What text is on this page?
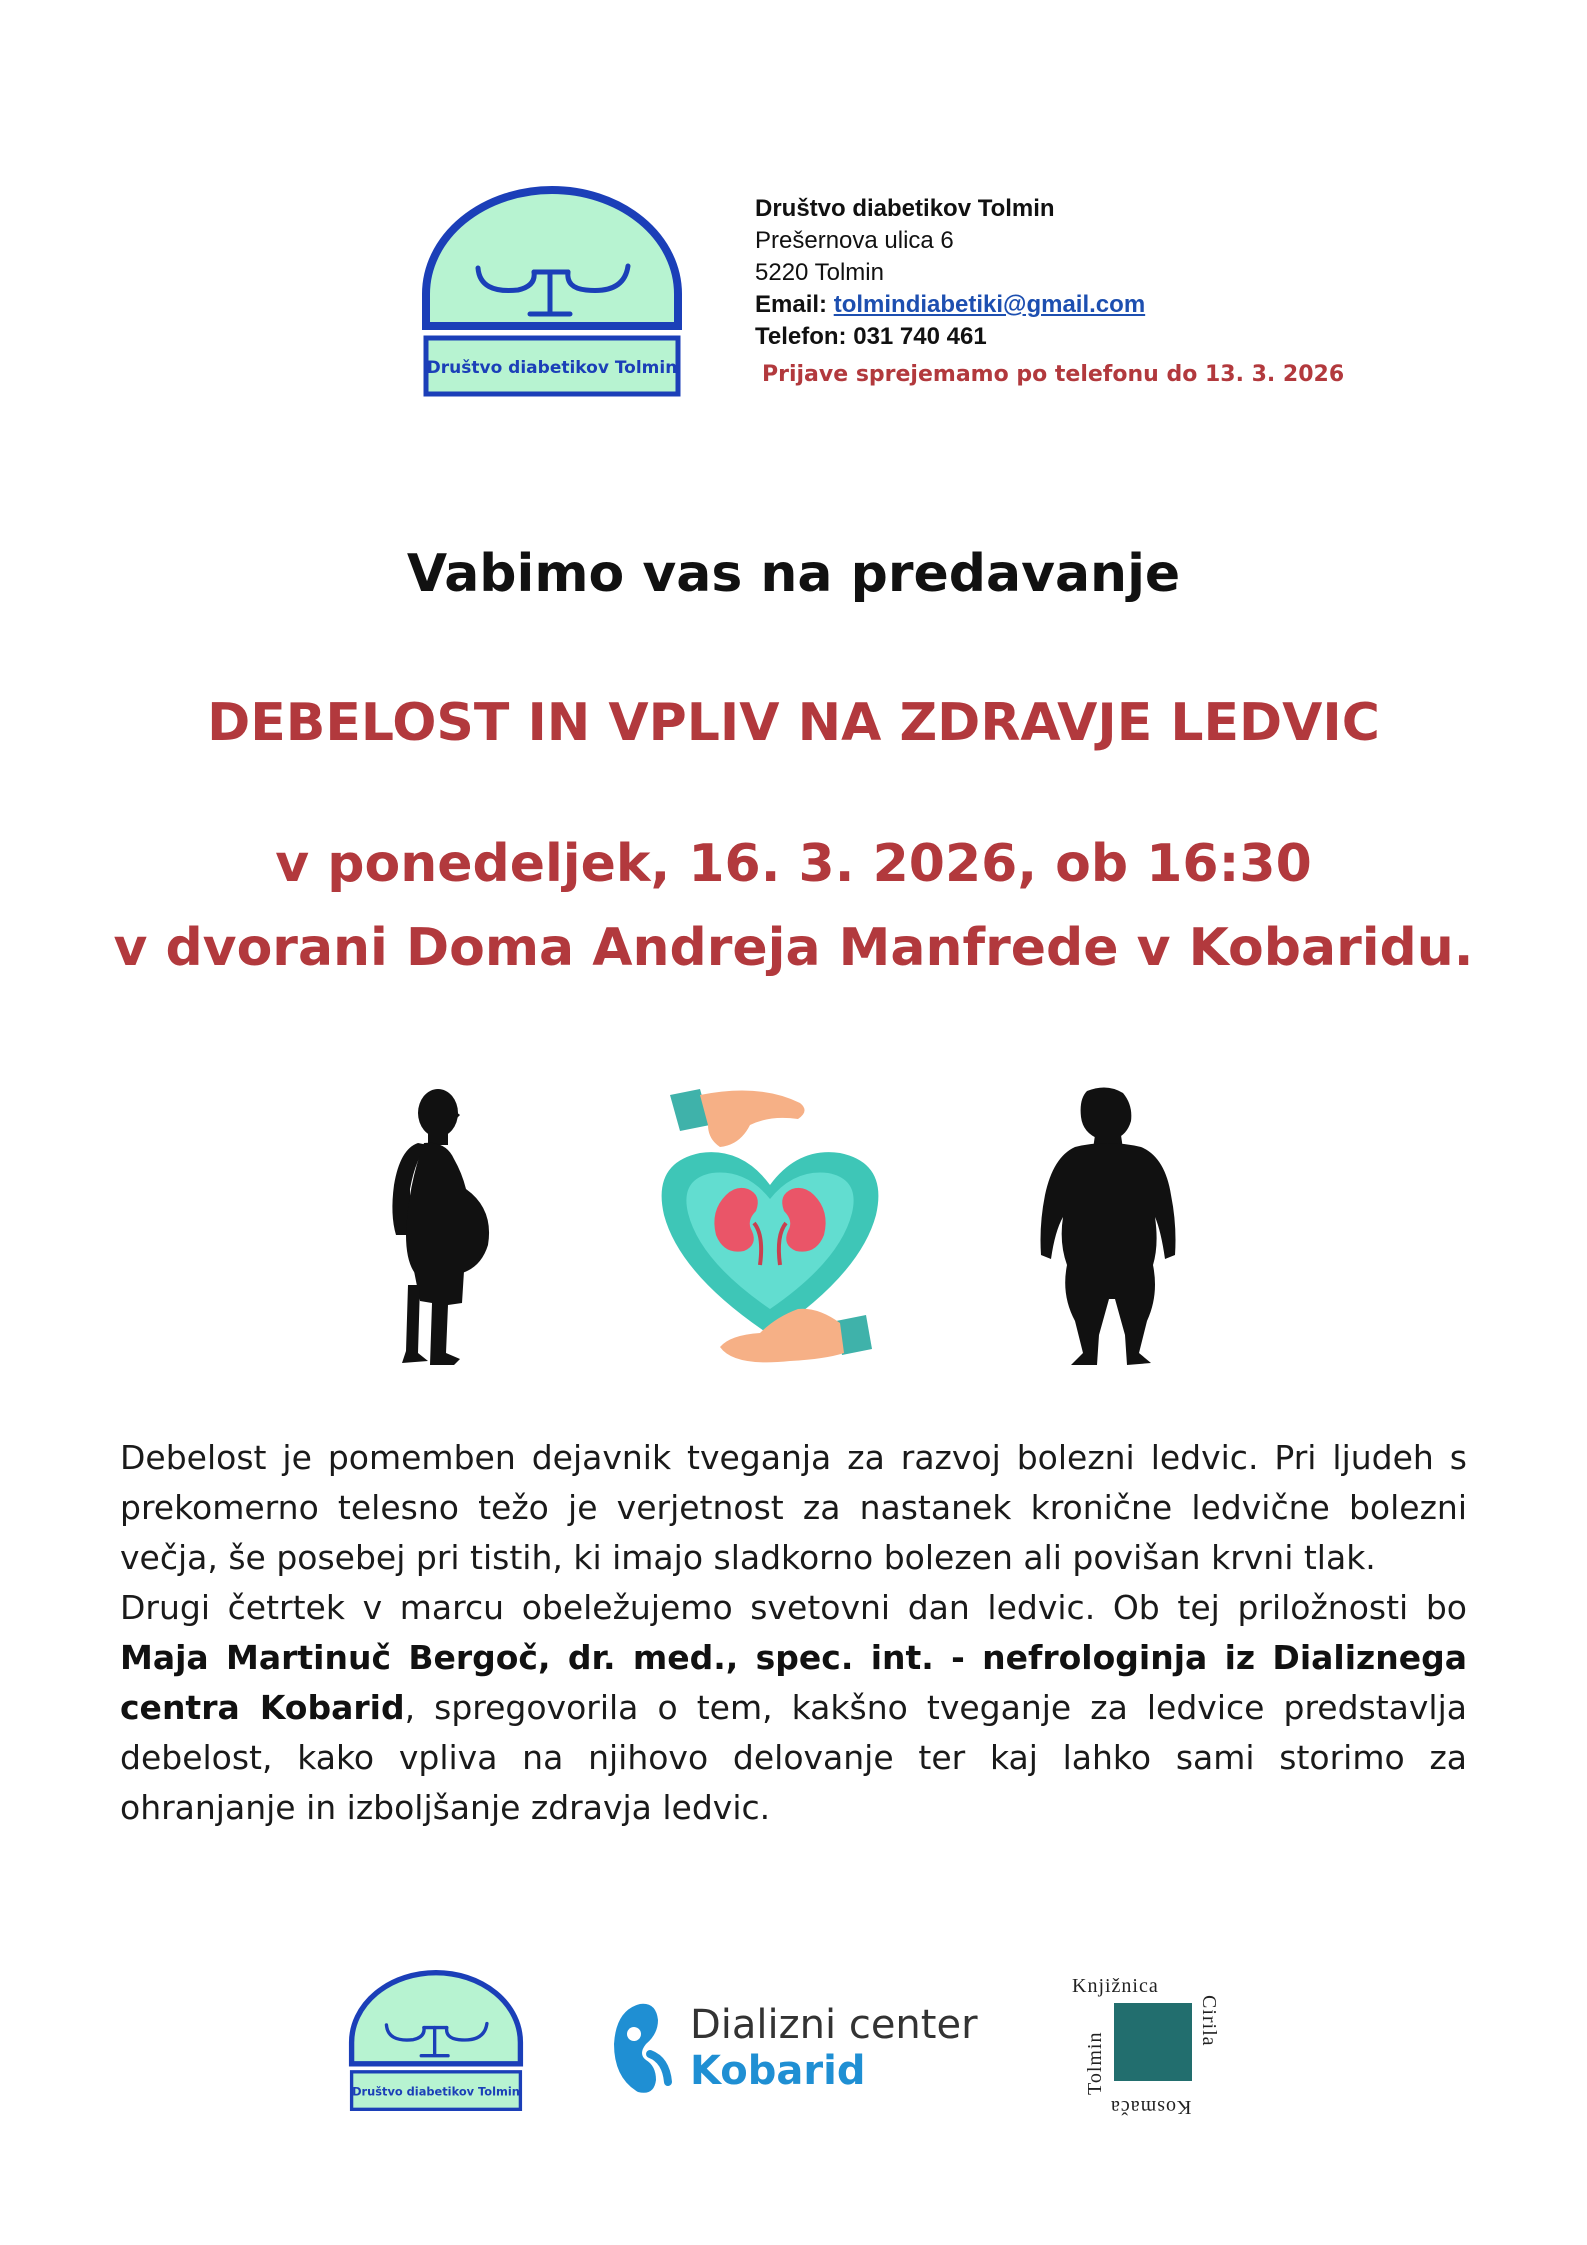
Društvo diabetikov Tolmin
Društvo diabetikov Tolmin
Prešernova ulica 6
5220 Tolmin
Email: tolmindiabetiki@gmail.com
Telefon: 031 740 461
Prijave sprejemamo po telefonu do 13. 3. 2026
Vabimo vas na predavanje
DEBELOST IN VPLIV NA ZDRAVJE LEDVIC
v ponedeljek, 16. 3. 2026, ob 16:30
v dvorani Doma Andreja Manfrede v Kobaridu.

Debelost je pomemben dejavnik tveganja za razvoj bolezni ledvic. Pri ljudeh s prekomerno telesno težo je verjetnost za nastanek kronične ledvične bolezni večja, še posebej pri tistih, ki imajo sladkorno bolezen ali povišan krvni tlak.

Drugi četrtek v marcu obeležujemo svetovni dan ledvic. Ob tej priložnosti bo Maja Martinuč Bergoč, dr. med., spec. int. - nefrologinja iz Dializnega centra Kobarid, spregovorila o tem, kakšno tveganje za ledvice predstavlja debelost, kako vpliva na njihovo delovanje ter kaj lahko sami storimo za ohranjanje in izboljšanje zdravja ledvic.

Društvo diabetikov Tolmin
Dializni center
Kobarid
Knjižnica
Cirila
Kosmača
Tolmin
